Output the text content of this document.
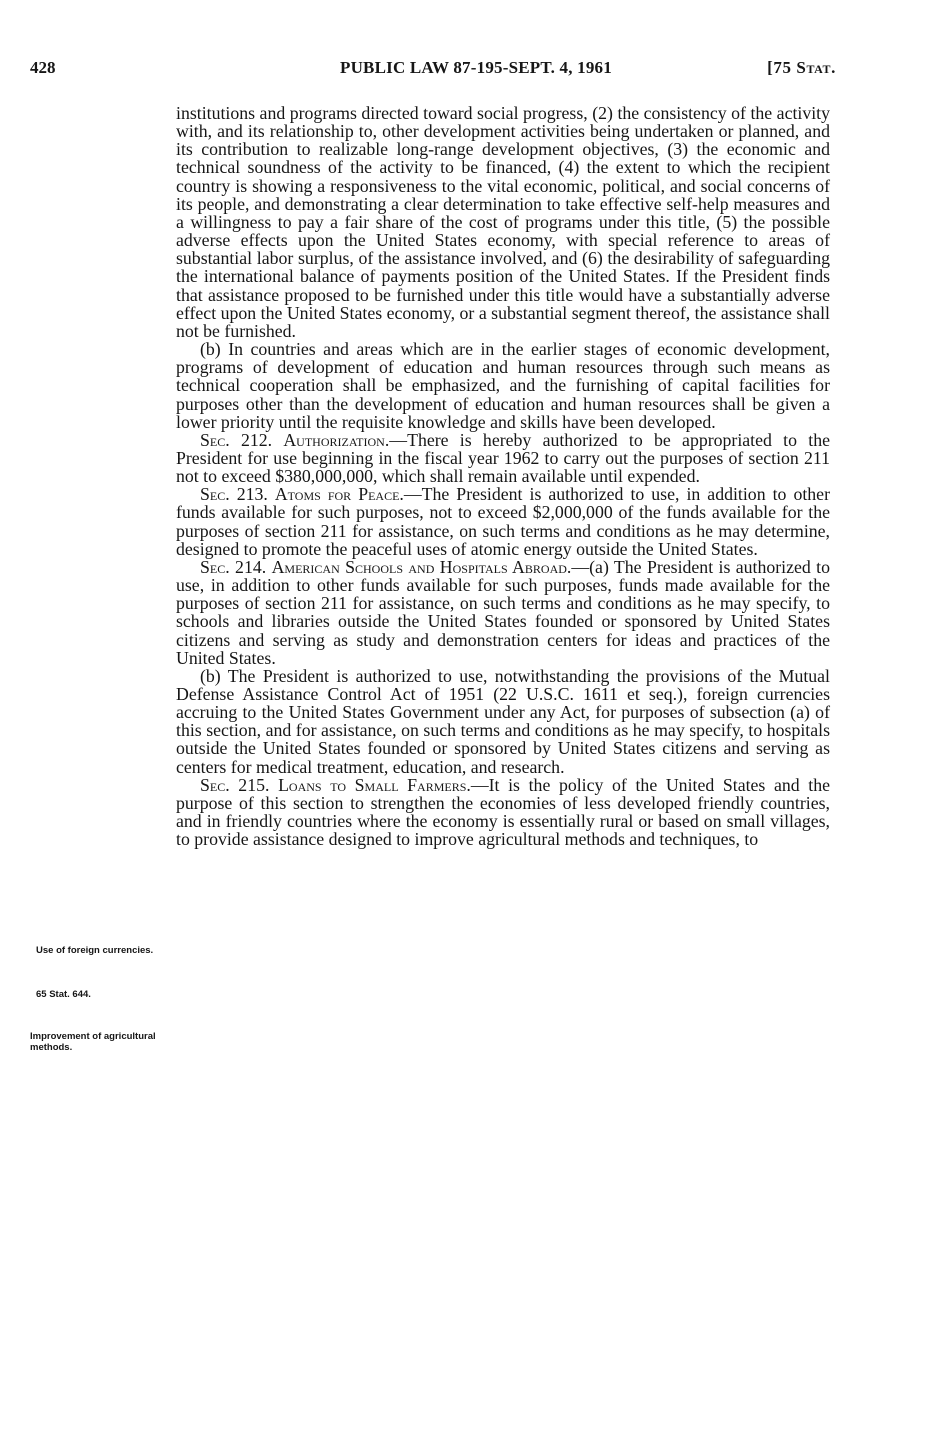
428	PUBLIC LAW 87-195-SEPT. 4, 1961	[75 Stat.
Use of foreign currencies.
65 Stat. 644.
Improvement of agricultural methods.

institutions and programs directed toward social progress, (2) the consistency of the activity with, and its relationship to, other development activities being undertaken or planned, and its contribution to realizable long-range development objectives, (3) the economic and technical soundness of the activity to be financed, (4) the extent to which the recipient country is showing a responsiveness to the vital economic, political, and social concerns of its people, and demonstrating a clear determination to take effective self-help measures and a willingness to pay a fair share of the cost of programs under this title, (5) the possible adverse effects upon the United States economy, with special reference to areas of substantial labor surplus, of the assistance involved, and (6) the desirability of safeguarding the international balance of payments position of the United States. If the President finds that assistance proposed to be furnished under this title would have a substantially adverse effect upon the United States economy, or a substantial segment thereof, the assistance shall not be furnished.

(b) In countries and areas which are in the earlier stages of economic development, programs of development of education and human resources through such means as technical cooperation shall be emphasized, and the furnishing of capital facilities for purposes other than the development of education and human resources shall be given a lower priority until the requisite knowledge and skills have been developed.

Sec. 212. Authorization.—There is hereby authorized to be appropriated to the President for use beginning in the fiscal year 1962 to carry out the purposes of section 211 not to exceed $380,000,000, which shall remain available until expended.

Sec. 213. Atoms for Peace.—The President is authorized to use, in addition to other funds available for such purposes, not to exceed $2,000,000 of the funds available for the purposes of section 211 for assistance, on such terms and conditions as he may determine, designed to promote the peaceful uses of atomic energy outside the United States.

Sec. 214. American Schools and Hospitals Abroad.—(a) The President is authorized to use, in addition to other funds available for such purposes, funds made available for the purposes of section 211 for assistance, on such terms and conditions as he may specify, to schools and libraries outside the United States founded or sponsored by United States citizens and serving as study and demonstration centers for ideas and practices of the United States.

(b) The President is authorized to use, notwithstanding the provisions of the Mutual Defense Assistance Control Act of 1951 (22 U.S.C. 1611 et seq.), foreign currencies accruing to the United States Government under any Act, for purposes of subsection (a) of this section, and for assistance, on such terms and conditions as he may specify, to hospitals outside the United States founded or sponsored by United States citizens and serving as centers for medical treatment, education, and research.

Sec. 215. Loans to Small Farmers.—It is the policy of the United States and the purpose of this section to strengthen the economies of less developed friendly countries, and in friendly countries where the economy is essentially rural or based on small villages, to provide assistance designed to improve agricultural methods and techniques, to
